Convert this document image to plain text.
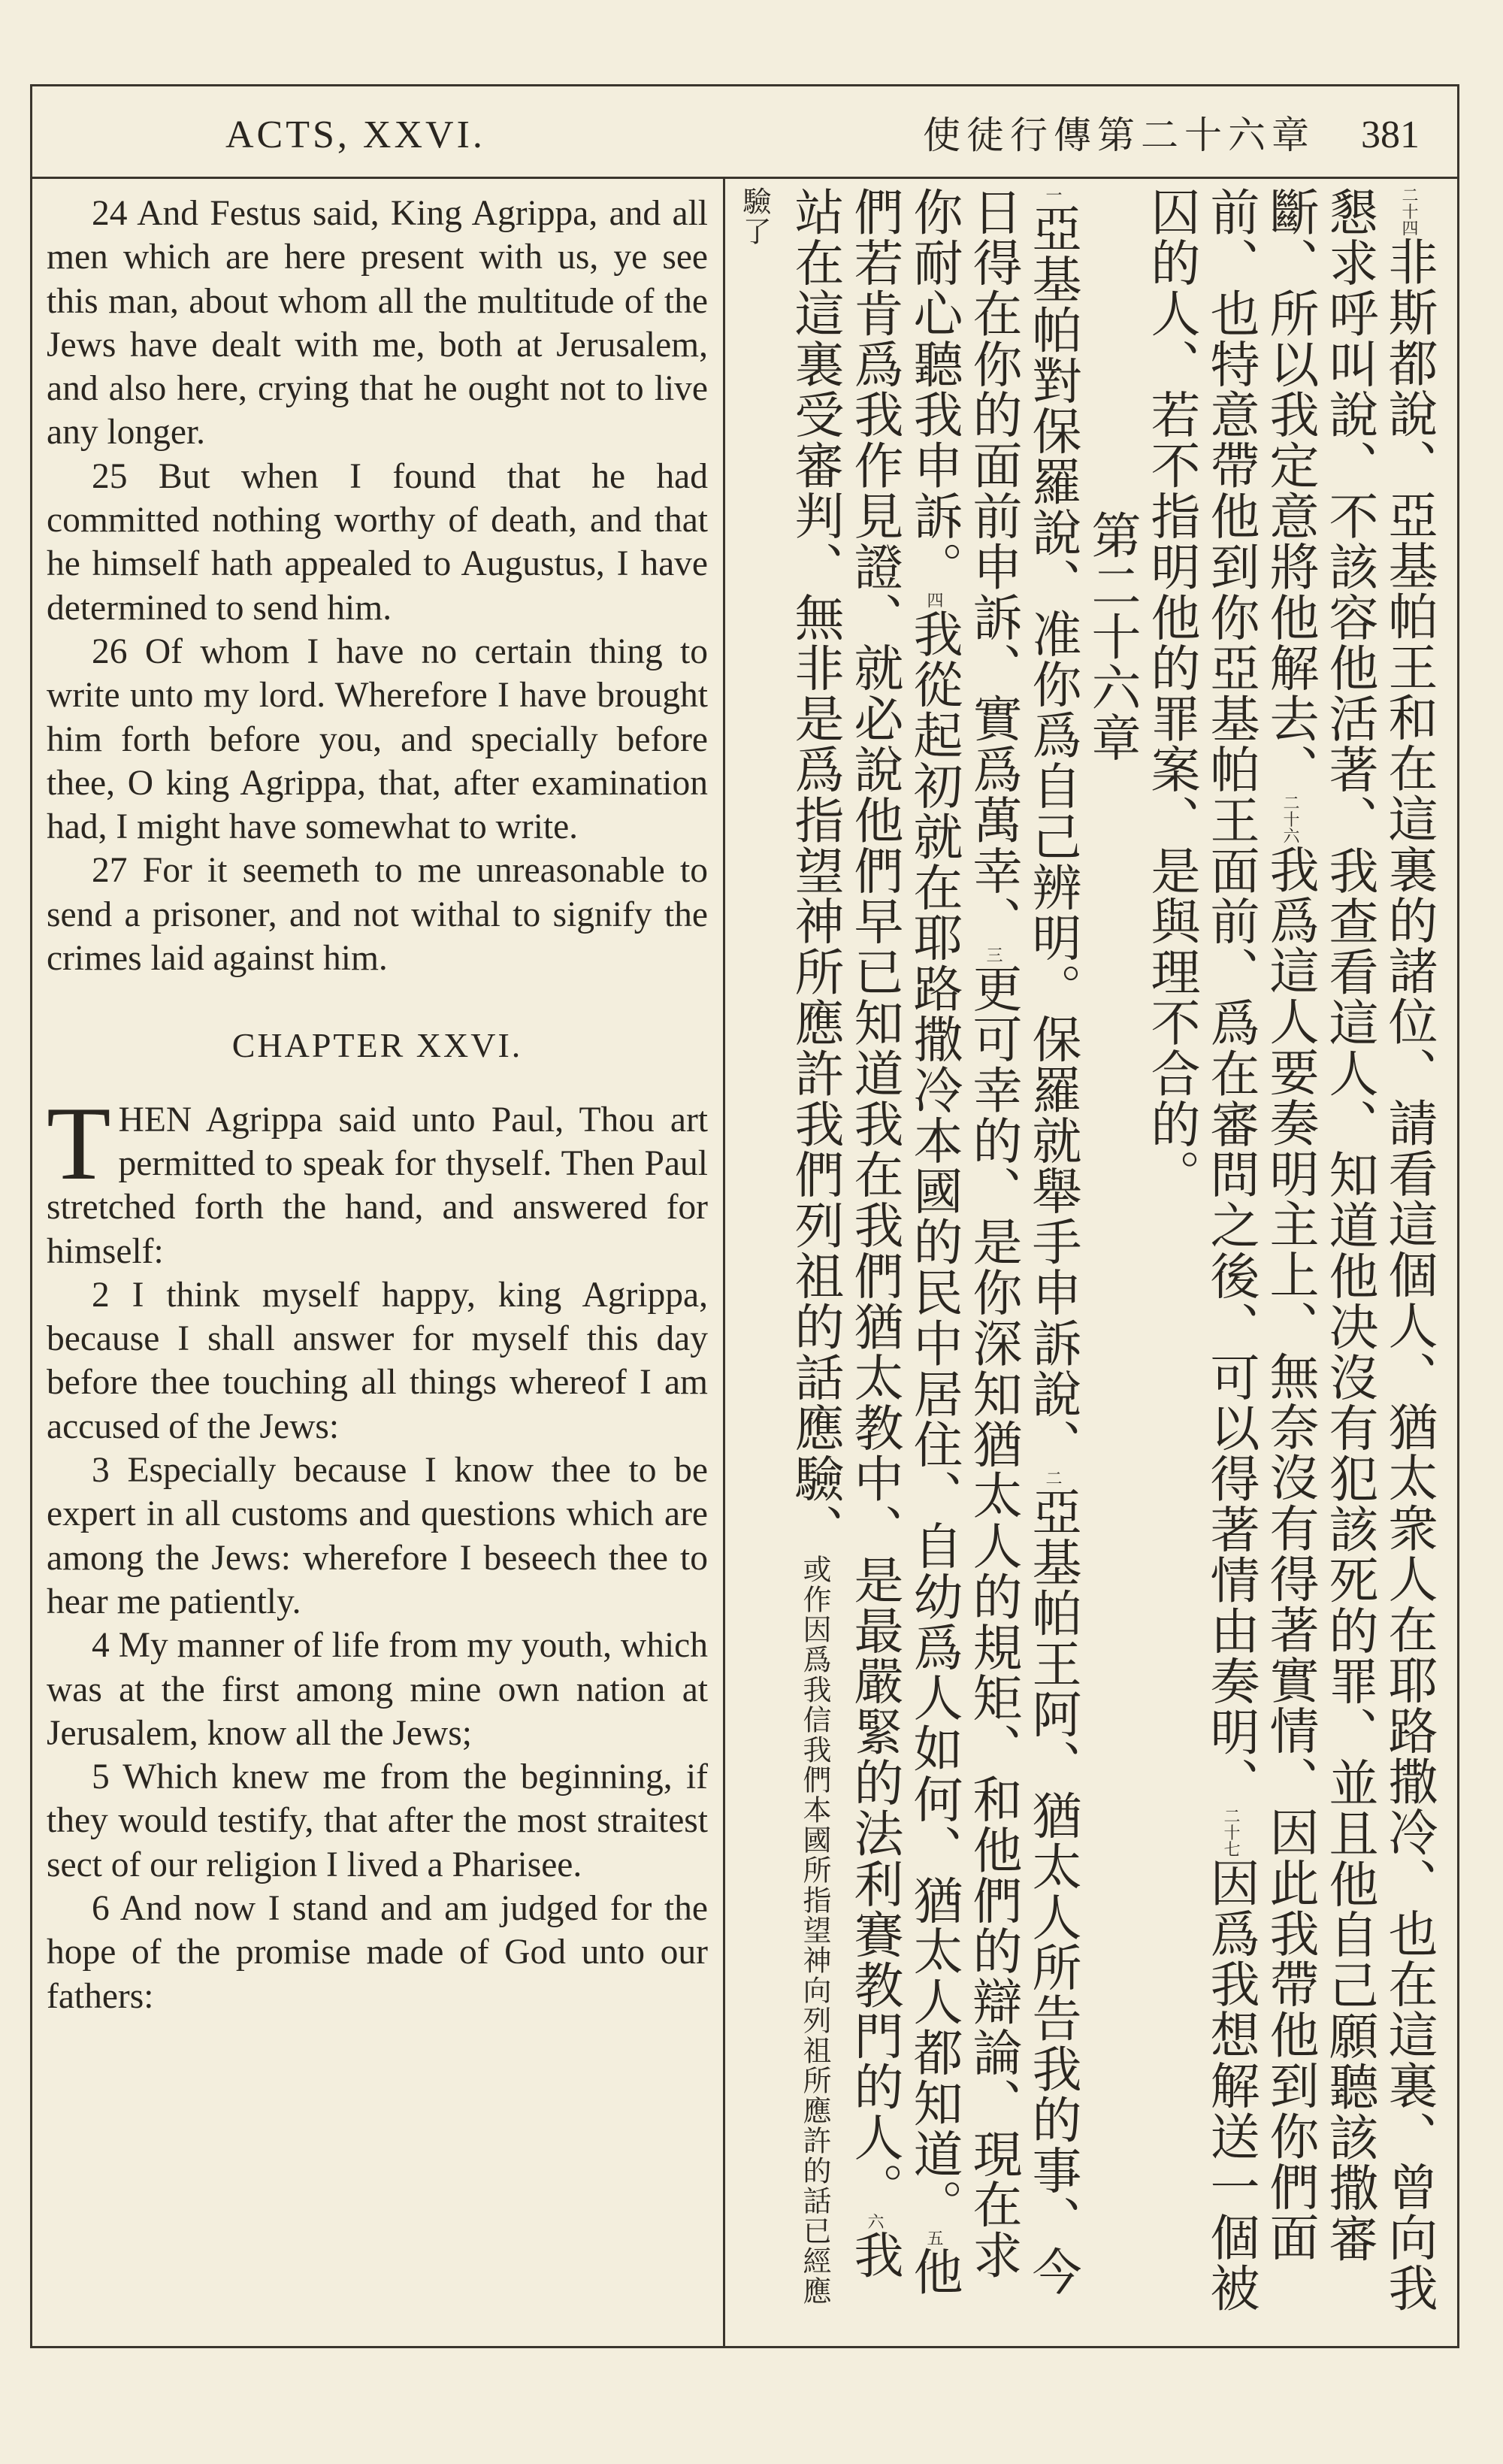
ACTS, XXVI.	使徒行傳第二十六章	381

24 And Festus said, King Agrippa, and all men which are here present with us, ye see this man, about whom all the multitude of the Jews have dealt with me, both at Jerusalem, and also here, crying that he ought not to live any longer.

25 But when I found that he had committed nothing worthy of death, and that he himself hath appealed to Augustus, I have determined to send him.

26 Of whom I have no certain thing to write unto my lord. Wherefore I have brought him forth before you, and specially before thee, O king Agrippa, that, after examination had, I might have somewhat to write.

27 For it seemeth to me unreasonable to send a prisoner, and not withal to signify the crimes laid against him.

CHAPTER XXVI.

THEN Agrippa said unto Paul, Thou art permitted to speak for thyself. Then Paul stretched forth the hand, and answered for himself:

2 I think myself happy, king Agrippa, because I shall answer for myself this day before thee touching all things whereof I am accused of the Jews:

3 Especially because I know thee to be expert in all customs and questions which are among the Jews: wherefore I beseech thee to hear me patiently.

4 My manner of life from my youth, which was at the first among mine own nation at Jerusalem, know all the Jews;

5 Which knew me from the beginning, if they would testify, that after the most straitest sect of our religion I lived a Pharisee.

6 And now I stand and am judged for the hope of the promise made of God unto our fathers:

二十四非斯都說、亞基帕王和在這裏的諸位、請看這個人、猶太衆人在耶路撒冷、也在這裏、曾向我懇求呼叫說、不該容他活著、我查看這人、知道他决沒有犯該死的罪、並且他自己願聽該撒審斷、所以我定意將他解去、二十六我爲這人要奏明主上、無奈沒有得著實情、因此我帶他到你們面前、也特意帶他到你亞基帕王面前、爲在審問之後、可以得著情由奏明、二十七因爲我想解送一個被囚的人、若不指明他的罪案、是與理不合的。

第二十六章

一亞基帕對保羅說、准你爲自己辨明。保羅就舉手申訴說、二亞基帕王阿、猶太人所告我的事、今日得在你的面前申訴、實爲萬幸、三更可幸的、是你深知猶太人的規矩、和他們的辯論、現在求你耐心聽我申訴。四我從起初就在耶路撒冷本國的民中居住、自幼爲人如何、猶太人都知道。五他們若肯爲我作見證、就必說他們早已知道我在我們猶太教中、是最嚴緊的法利賽教門的人。六我站在這裏受審判、無非是爲指望神所應許我們列祖的話應驗、或作因爲我信我們本國所指望神向列祖所應許的話已經應驗了
